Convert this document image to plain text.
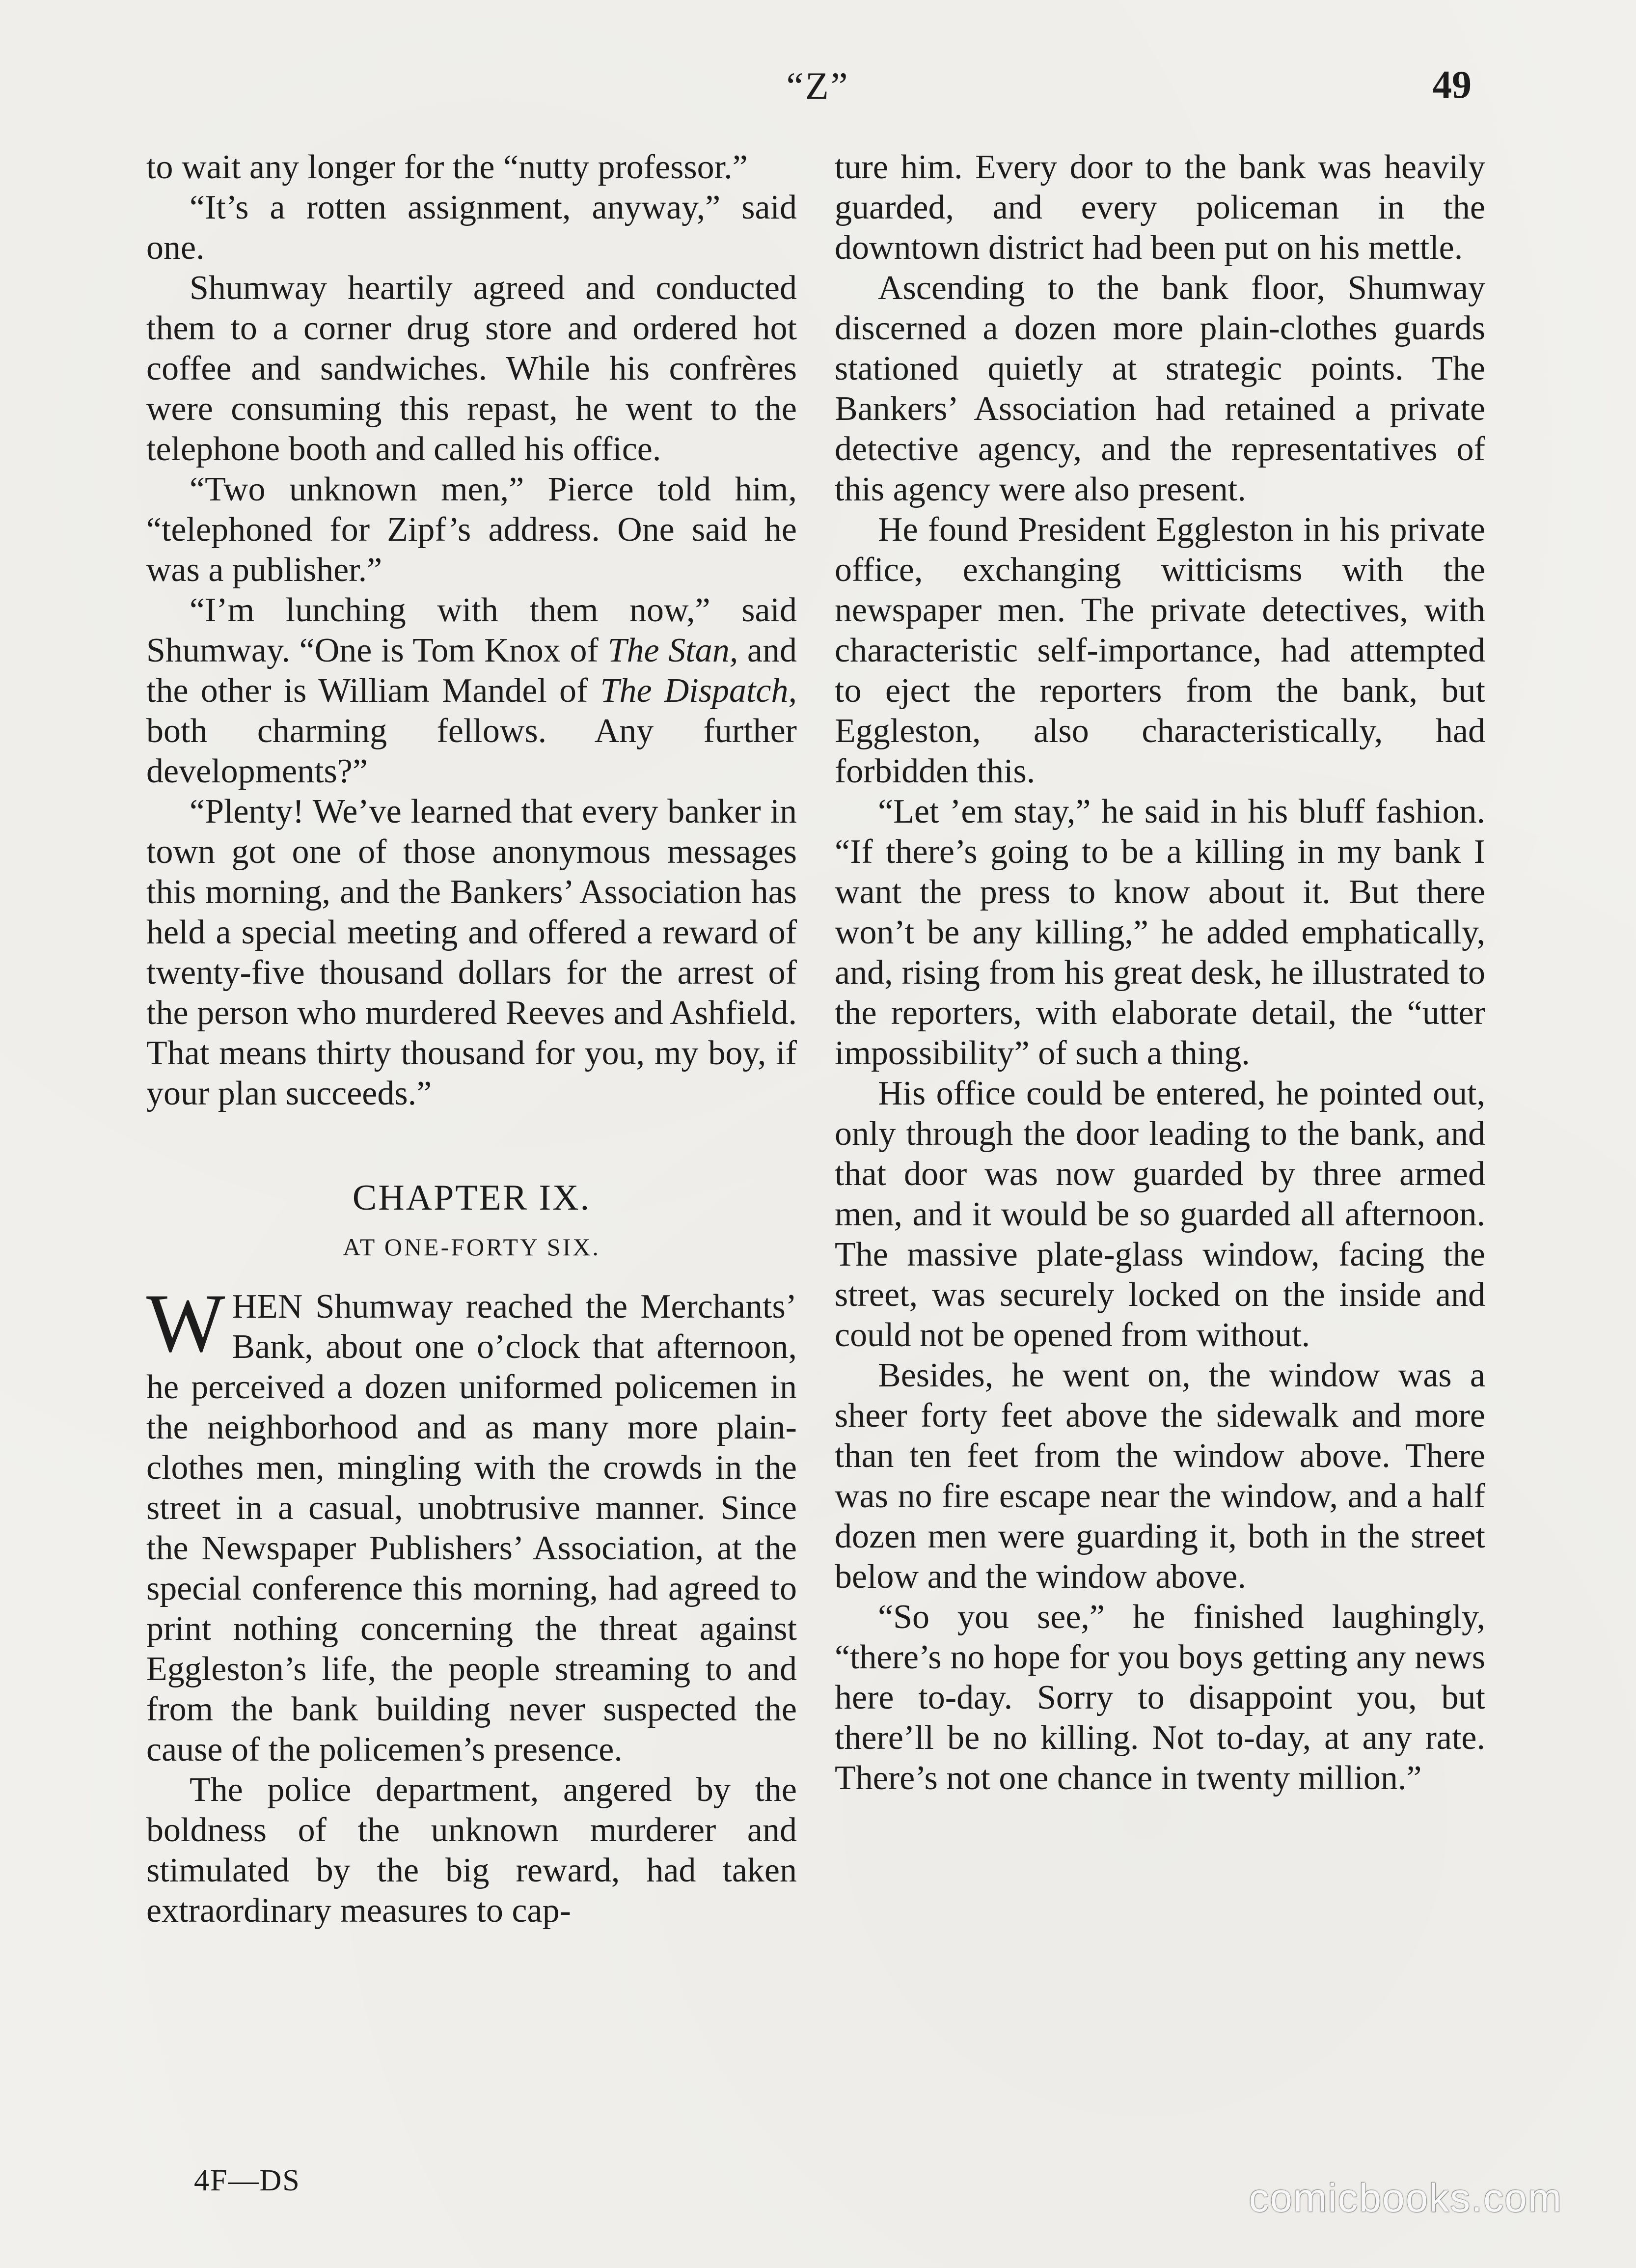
“Z”	49

to wait any longer for the “nutty professor.”

“It’s a rotten assignment, anyway,” said one.

Shumway heartily agreed and conducted them to a corner drug store and ordered hot coffee and sandwiches. While his confrères were consuming this repast, he went to the telephone booth and called his office.

“Two unknown men,” Pierce told him, “telephoned for Zipf’s address. One said he was a publisher.”

“I’m lunching with them now,” said Shumway. “One is Tom Knox of The Stan, and the other is William Mandel of The Dispatch, both charming fellows. Any further developments?”

“Plenty! We’ve learned that every banker in town got one of those anonymous messages this morning, and the Bankers’ Association has held a special meeting and offered a reward of twenty-five thousand dollars for the arrest of the person who murdered Reeves and Ashfield. That means thirty thousand for you, my boy, if your plan succeeds.”

CHAPTER IX.
AT ONE-FORTY SIX.

WHEN Shumway reached the Merchants’ Bank, about one o’clock that afternoon, he perceived a dozen uniformed policemen in the neighborhood and as many more plain-clothes men, mingling with the crowds in the street in a casual, unobtrusive manner. Since the Newspaper Publishers’ Association, at the special conference this morning, had agreed to print nothing concerning the threat against Eggleston’s life, the people streaming to and from the bank building never suspected the cause of the policemen’s presence.

The police department, angered by the boldness of the unknown murderer and stimulated by the big reward, had taken extraordinary measures to cap-

4F—DS

ture him. Every door to the bank was heavily guarded, and every policeman in the downtown district had been put on his mettle.

Ascending to the bank floor, Shumway discerned a dozen more plain-clothes guards stationed quietly at strategic points. The Bankers’ Association had retained a private detective agency, and the representatives of this agency were also present.

He found President Eggleston in his private office, exchanging witticisms with the newspaper men. The private detectives, with characteristic self-importance, had attempted to eject the reporters from the bank, but Eggleston, also characteristically, had forbidden this.

“Let ’em stay,” he said in his bluff fashion. “If there’s going to be a killing in my bank I want the press to know about it. But there won’t be any killing,” he added emphatically, and, rising from his great desk, he illustrated to the reporters, with elaborate detail, the “utter impossibility” of such a thing.

His office could be entered, he pointed out, only through the door leading to the bank, and that door was now guarded by three armed men, and it would be so guarded all afternoon. The massive plate-glass window, facing the street, was securely locked on the inside and could not be opened from without.

Besides, he went on, the window was a sheer forty feet above the sidewalk and more than ten feet from the window above. There was no fire escape near the window, and a half dozen men were guarding it, both in the street below and the window above.

“So you see,” he finished laughingly, “there’s no hope for you boys getting any news here to-day. Sorry to disappoint you, but there’ll be no killing. Not to-day, at any rate. There’s not one chance in twenty million.”

comicbooks.com
